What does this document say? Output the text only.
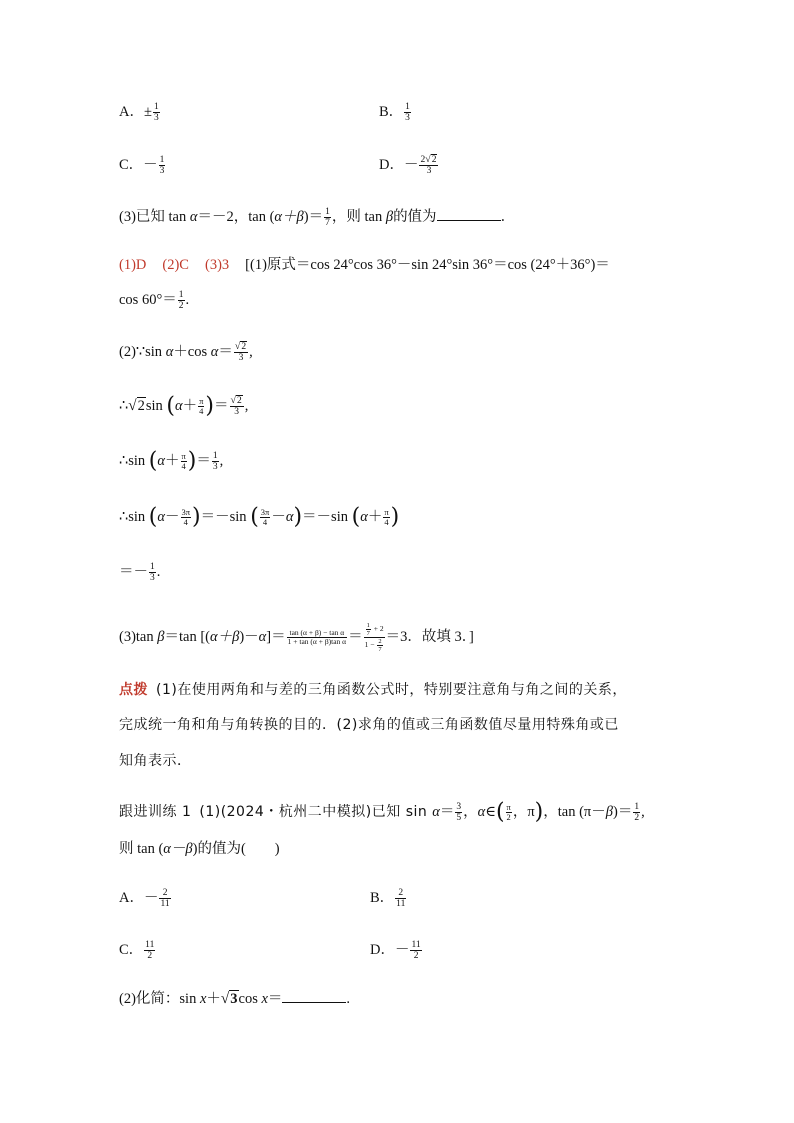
A．± $\frac{1}{3}$	B． $\frac{1}{3}$
C．－ $\frac{1}{3}$	D．－ $\frac{2√2}{3}$
(3)已知 tan α＝－2，$\tan (\alpha+\beta)= \frac{1}{7}$ ，则 tan β的值为	．
(1)D (2)C (3)3 [(1)原式＝cos 24°cos 36°－sin 24°sin 36°＝cos (24°＋36°)＝
$\cos 60^\circ= \frac{1}{2}$ .
(2)∵sin α＋cos $\alpha= \frac{√2}{3}$ ,
∴√2sin ($\alpha+ \frac{\pi}{4}$ )＝ $\frac{√2}{3}$ ,
∴sin ($\alpha+ \frac{\pi}{4}$ )＝ $\frac{1}{3}$ ,
∴sin $(\alpha- \frac{3\pi}{4} )=-\sin$ ( $\frac{3\pi}{4} -\alpha)=-\sin$ ($\alpha+ \frac{\pi}{4}$ )
＝－ $\frac{1}{3}$ .
(3)tan β＝tan $[(\alpha+\beta)-\alpha]= \frac{\text{tan (α + β) − tan α}}{\text{1 + tan (α + β)tan α}} = \frac{\frac{1}{7} + 2}{1 - \frac{2}{7}} =3$．故填 3．]
点拨 (1)在使用两角和与差的三角函数公式时，特别要注意角与角之间的关系，
完成统一角和角与角转换的目的．(2)求角的值或三角函数值尽量用特殊角或已
知角表示．
跟进训练 1 (1)(2024・杭州二中模拟)已知 $\sin \alpha= \frac{3}{5}$ ，α∈( $\frac{\pi}{2}$ ，π)，$\tan (\pi-\beta)= \frac{1}{2}$ ,
则 tan (α－β)的值为(　　)
A．－ $\frac{2}{11}$	B． $\frac{2}{11}$
C． $\frac{11}{2}$	D．－ $\frac{11}{2}$
(2)化简：sin x＋√3cos x＝	.
